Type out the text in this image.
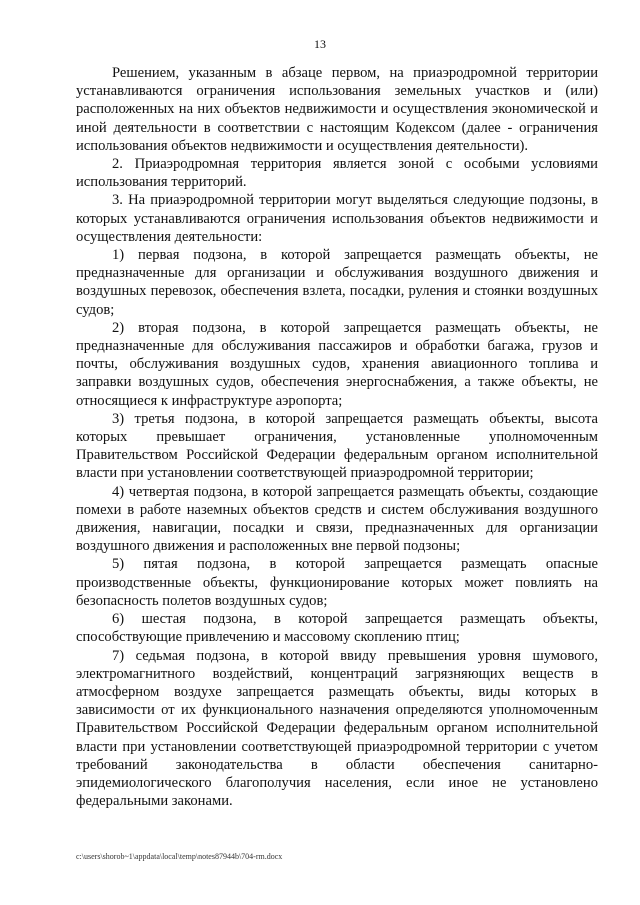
13

Решением, указанным в абзаце первом, на приаэродромной территории устанавливаются ограничения использования земельных участков и (или) расположенных на них объектов недвижимости и осуществления экономической и иной деятельности в соответствии с настоящим Кодексом (далее - ограничения использования объектов недвижимости и осуществления деятельности).

2. Приаэродромная территория является зоной с особыми условиями использования территорий.

3. На приаэродромной территории могут выделяться следующие подзоны, в которых устанавливаются ограничения использования объектов недвижимости и осуществления деятельности:

1) первая подзона, в которой запрещается размещать объекты, не предназначенные для организации и обслуживания воздушного движения и воздушных перевозок, обеспечения взлета, посадки, руления и стоянки воздушных судов;

2) вторая подзона, в которой запрещается размещать объекты, не предназначенные для обслуживания пассажиров и обработки багажа, грузов и почты, обслуживания воздушных судов, хранения авиационного топлива и заправки воздушных судов, обеспечения энергоснабжения, а также объекты, не относящиеся к инфраструктуре аэропорта;

3) третья подзона, в которой запрещается размещать объекты, высота которых превышает ограничения, установленные уполномоченным Правительством Российской Федерации федеральным органом исполнительной власти при установлении соответствующей приаэродромной территории;

4) четвертая подзона, в которой запрещается размещать объекты, создающие помехи в работе наземных объектов средств и систем обслуживания воздушного движения, навигации, посадки и связи, предназначенных для организации воздушного движения и расположенных вне первой подзоны;

5) пятая подзона, в которой запрещается размещать опасные производственные объекты, функционирование которых может повлиять на безопасность полетов воздушных судов;

6) шестая подзона, в которой запрещается размещать объекты, способствующие привлечению и массовому скоплению птиц;

7) седьмая подзона, в которой ввиду превышения уровня шумового, электромагнитного воздействий, концентраций загрязняющих веществ в атмосферном воздухе запрещается размещать объекты, виды которых в зависимости от их функционального назначения определяются уполномоченным Правительством Российской Федерации федеральным органом исполнительной власти при установлении соответствующей приаэродромной территории с учетом требований законодательства в области обеспечения санитарно-эпидемиологического благополучия населения, если иное не установлено федеральными законами.

c:\users\shorob~1\appdata\local\temp\notes87944b\704-rm.docx
